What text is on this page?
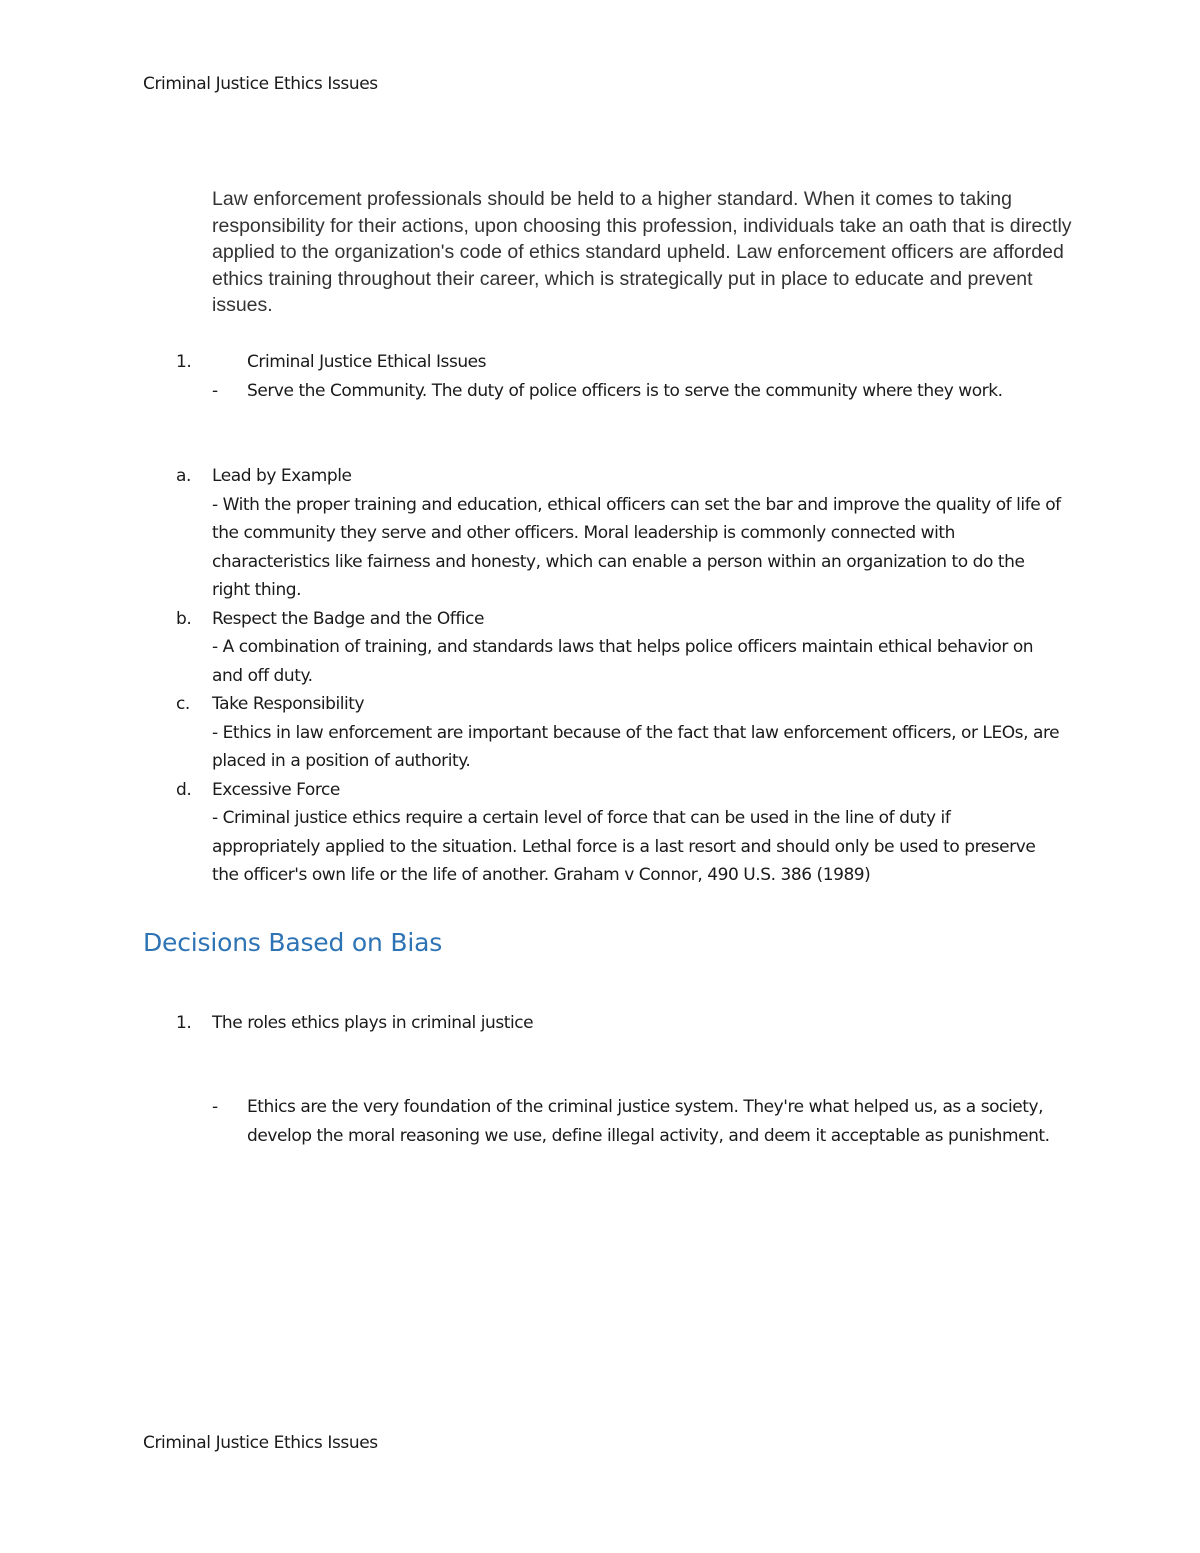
Criminal Justice Ethics Issues
Law enforcement professionals should be held to a higher standard. When it comes to taking responsibility for their actions, upon choosing this profession, individuals take an oath that is directly applied to the organization's code of ethics standard upheld. Law enforcement officers are afforded ethics training throughout their career, which is strategically put in place to educate and prevent issues.
1.	Criminal Justice Ethical Issues
- Serve the Community. The duty of police officers is to serve the community where they work.
a. Lead by Example
- With the proper training and education, ethical officers can set the bar and improve the quality of life of the community they serve and other officers. Moral leadership is commonly connected with characteristics like fairness and honesty, which can enable a person within an organization to do the right thing.
b. Respect the Badge and the Office
- A combination of training, and standards laws that helps police officers maintain ethical behavior on and off duty.
c. Take Responsibility
- Ethics in law enforcement are important because of the fact that law enforcement officers, or LEOs, are placed in a position of authority.
d. Excessive Force
- Criminal justice ethics require a certain level of force that can be used in the line of duty if appropriately applied to the situation. Lethal force is a last resort and should only be used to preserve the officer's own life or the life of another. Graham v Connor, 490 U.S. 386 (1989)
Decisions Based on Bias
1. The roles ethics plays in criminal justice
- Ethics are the very foundation of the criminal justice system. They're what helped us, as a society, develop the moral reasoning we use, define illegal activity, and deem it acceptable as punishment.
Criminal Justice Ethics Issues
